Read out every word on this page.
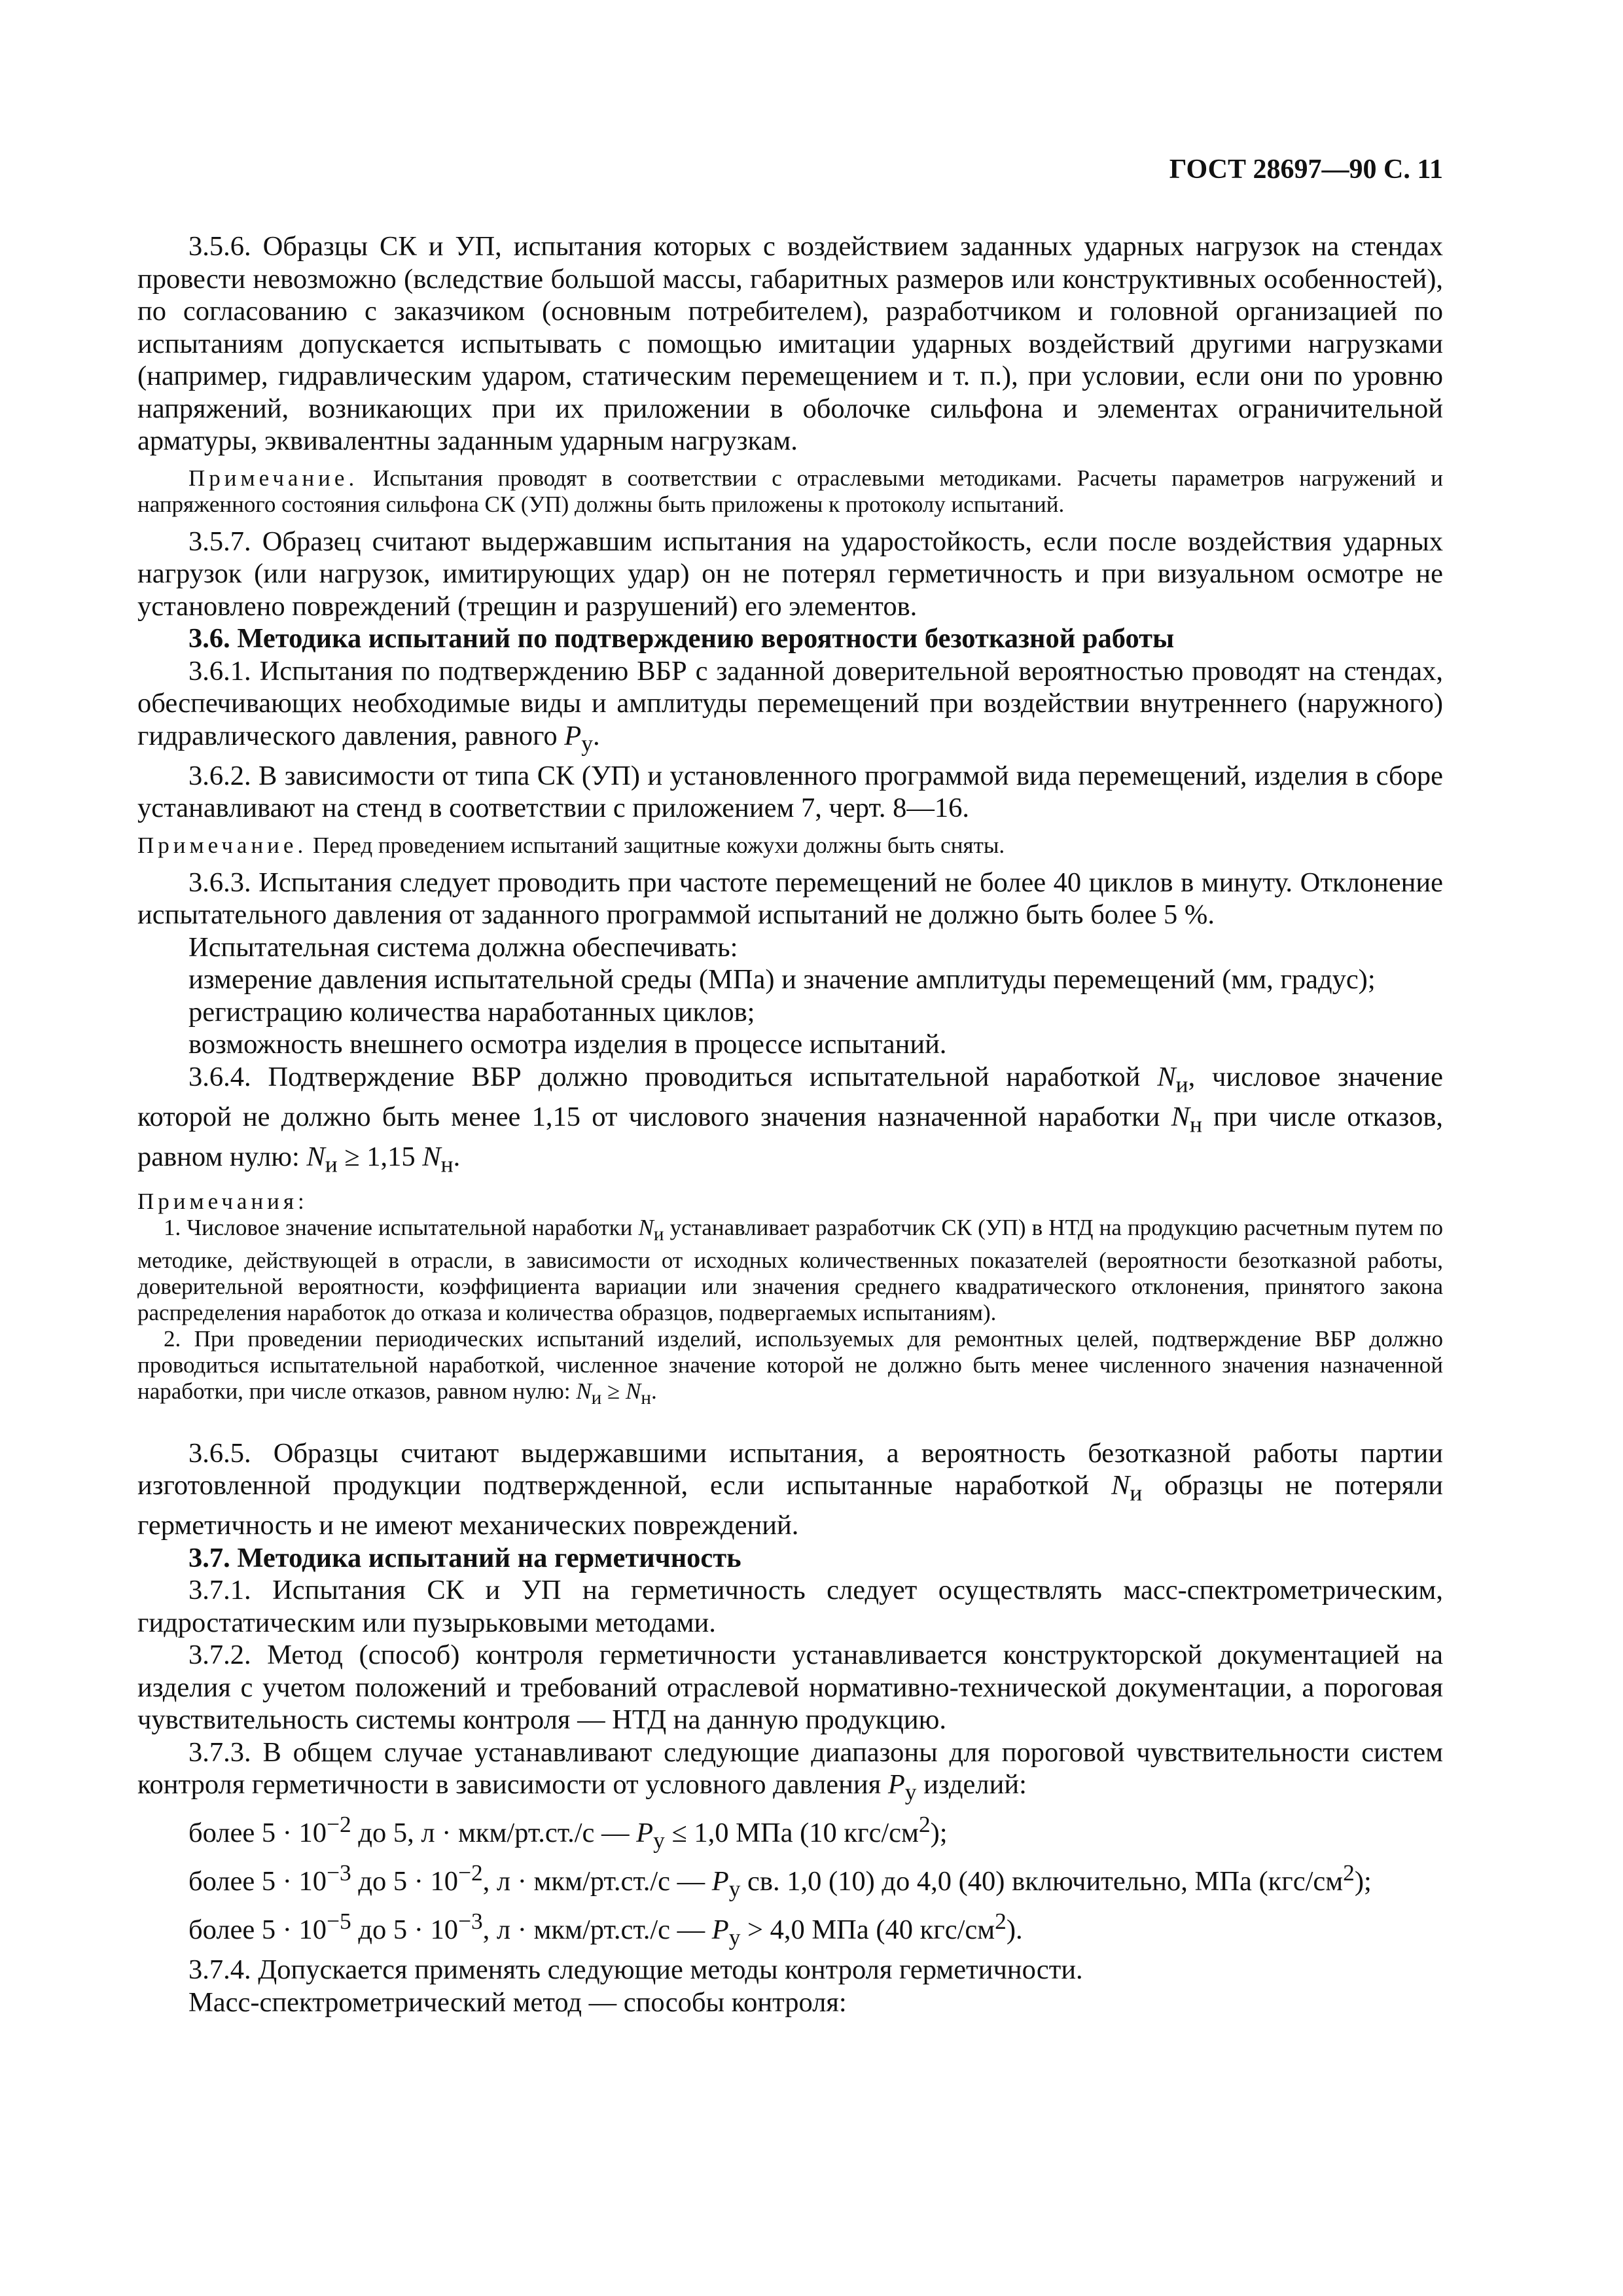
ГОСТ 28697—90 С. 11

3.5.6. Образцы СК и УП, испытания которых с воздействием заданных ударных нагрузок на стендах провести невозможно (вследствие большой массы, габаритных размеров или конструктивных особенностей), по согласованию с заказчиком (основным потребителем), разработчиком и головной организацией по испытаниям допускается испытывать с помощью имитации ударных воздействий другими нагрузками (например, гидравлическим ударом, статическим перемещением и т. п.), при условии, если они по уровню напряжений, возникающих при их приложении в оболочке сильфона и элементах ограничительной арматуры, эквивалентны заданным ударным нагрузкам.

Примечание. Испытания проводят в соответствии с отраслевыми методиками. Расчеты параметров нагружений и напряженного состояния сильфона СК (УП) должны быть приложены к протоколу испытаний.

3.5.7. Образец считают выдержавшим испытания на ударостойкость, если после воздействия ударных нагрузок (или нагрузок, имитирующих удар) он не потерял герметичность и при визуальном осмотре не установлено повреждений (трещин и разрушений) его элементов.

3.6. Методика испытаний по подтверждению вероятности безотказной работы

3.6.1. Испытания по подтверждению ВБР с заданной доверительной вероятностью проводят на стендах, обеспечивающих необходимые виды и амплитуды перемещений при воздействии внутреннего (наружного) гидравлического давления, равного $P_у$.

3.6.2. В зависимости от типа СК (УП) и установленного программой вида перемещений, изделия в сборе устанавливают на стенд в соответствии с приложением 7, черт. 8—16.

Примечание. Перед проведением испытаний защитные кожухи должны быть сняты.

3.6.3. Испытания следует проводить при частоте перемещений не более 40 циклов в минуту. Отклонение испытательного давления от заданного программой испытаний не должно быть более 5 %.

Испытательная система должна обеспечивать:

измерение давления испытательной среды (МПа) и значение амплитуды перемещений (мм, градус);

регистрацию количества наработанных циклов;

возможность внешнего осмотра изделия в процессе испытаний.

3.6.4. Подтверждение ВБР должно проводиться испытательной наработкой $N_и$, числовое значение которой не должно быть менее 1,15 от числового значения назначенной наработки $N_н$ при числе отказов, равном нулю: $N_и \ge 1,15$ $N_н$.

Примечания:

1. Числовое значение испытательной наработки $N_и$ устанавливает разработчик СК (УП) в НТД на продукцию расчетным путем по методике, действующей в отрасли, в зависимости от исходных количественных показателей (вероятности безотказной работы, доверительной вероятности, коэффициента вариации или значения среднего квадратического отклонения, принятого закона распределения наработок до отказа и количества образцов, подвергаемых испытаниям).

2. При проведении периодических испытаний изделий, используемых для ремонтных целей, подтверждение ВБР должно проводиться испытательной наработкой, численное значение которой не должно быть менее численного значения назначенной наработки, при числе отказов, равном нулю: $N_и \ge N_н$.

3.6.5. Образцы считают выдержавшими испытания, а вероятность безотказной работы партии изготовленной продукции подтвержденной, если испытанные наработкой $N_и$ образцы не потеряли герметичность и не имеют механических повреждений.

3.7. Методика испытаний на герметичность

3.7.1. Испытания СК и УП на герметичность следует осуществлять масс-спектрометрическим, гидростатическим или пузырьковыми методами.

3.7.2. Метод (способ) контроля герметичности устанавливается конструкторской документацией на изделия с учетом положений и требований отраслевой нормативно-технической документации, а пороговая чувствительность системы контроля — НТД на данную продукцию.

3.7.3. В общем случае устанавливают следующие диапазоны для пороговой чувствительности систем контроля герметичности в зависимости от условного давления $P_у$ изделий:

более $5 \cdot 10^{-2}$ до 5, л · мкм/рт.ст./с — $P_у \le 1,0$ МПа (10 кгс/$см^2$);

более $5 \cdot 10^{-3}$ до $5 \cdot 10^{-2}$, л · мкм/рт.ст./с — $P_у$ св. 1,0 (10) до 4,0 (40) включительно, МПа $(кгс/см^2)$;

более $5 \cdot 10^{-5}$ до $5 \cdot 10^{-3}$, л · мкм/рт.ст./с — $P_у > 4,0$ МПа (40 кгс/$см^2$).

3.7.4. Допускается применять следующие методы контроля герметичности.

Масс-спектрометрический метод — способы контроля:
